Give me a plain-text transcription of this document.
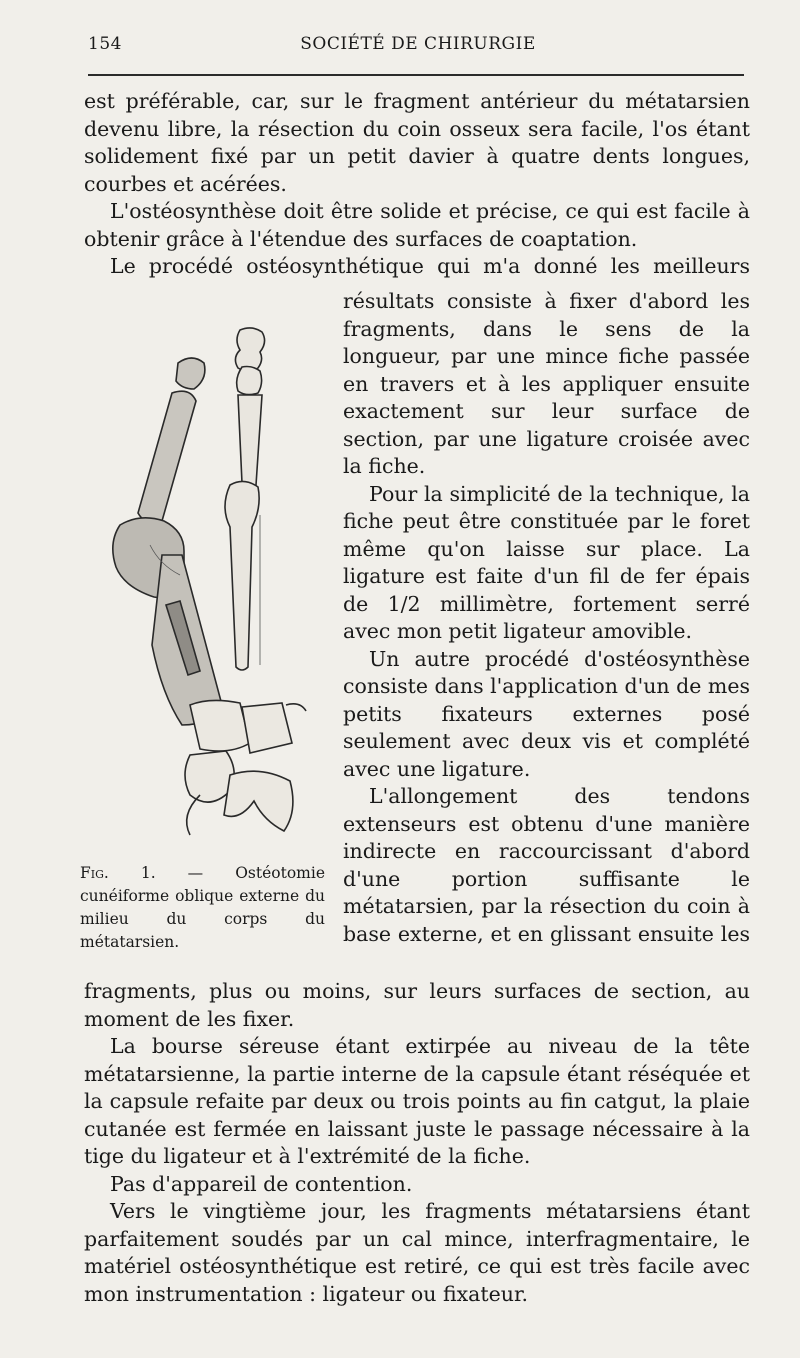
154	SOCIÉTÉ DE CHIRURGIE

est préférable, car, sur le fragment antérieur du métatarsien devenu libre, la résection du coin osseux sera facile, l'os étant solidement fixé par un petit davier à quatre dents longues, courbes et acérées.

L'ostéosynthèse doit être solide et précise, ce qui est facile à obtenir grâce à l'étendue des surfaces de coaptation.

Le procédé ostéosynthétique qui m'a donné les meilleurs

Fig. 1. — Ostéotomie cunéiforme oblique externe du milieu du corps du métatarsien.

résultats consiste à fixer d'abord les fragments, dans le sens de la longueur, par une mince fiche passée en travers et à les appliquer ensuite exactement sur leur surface de section, par une ligature croisée avec la fiche.

Pour la simplicité de la technique, la fiche peut être constituée par le foret même qu'on laisse sur place. La ligature est faite d'un fil de fer épais de 1/2 millimètre, fortement serré avec mon petit ligateur amovible.

Un autre procédé d'ostéosynthèse consiste dans l'application d'un de mes petits fixateurs externes posé seulement avec deux vis et complété avec une ligature.

L'allongement des tendons extenseurs est obtenu d'une manière indirecte en raccourcissant d'abord d'une portion suffisante le métatarsien, par la résection du coin à base externe, et en glissant ensuite les

fragments, plus ou moins, sur leurs surfaces de section, au moment de les fixer.

La bourse séreuse étant extirpée au niveau de la tête métatarsienne, la partie interne de la capsule étant réséquée et la capsule refaite par deux ou trois points au fin catgut, la plaie cutanée est fermée en laissant juste le passage nécessaire à la tige du ligateur et à l'extrémité de la fiche.

Pas d'appareil de contention.

Vers le vingtième jour, les fragments métatarsiens étant parfaitement soudés par un cal mince, interfragmentaire, le matériel ostéosynthétique est retiré, ce qui est très facile avec mon instrumentation : ligateur ou fixateur.
